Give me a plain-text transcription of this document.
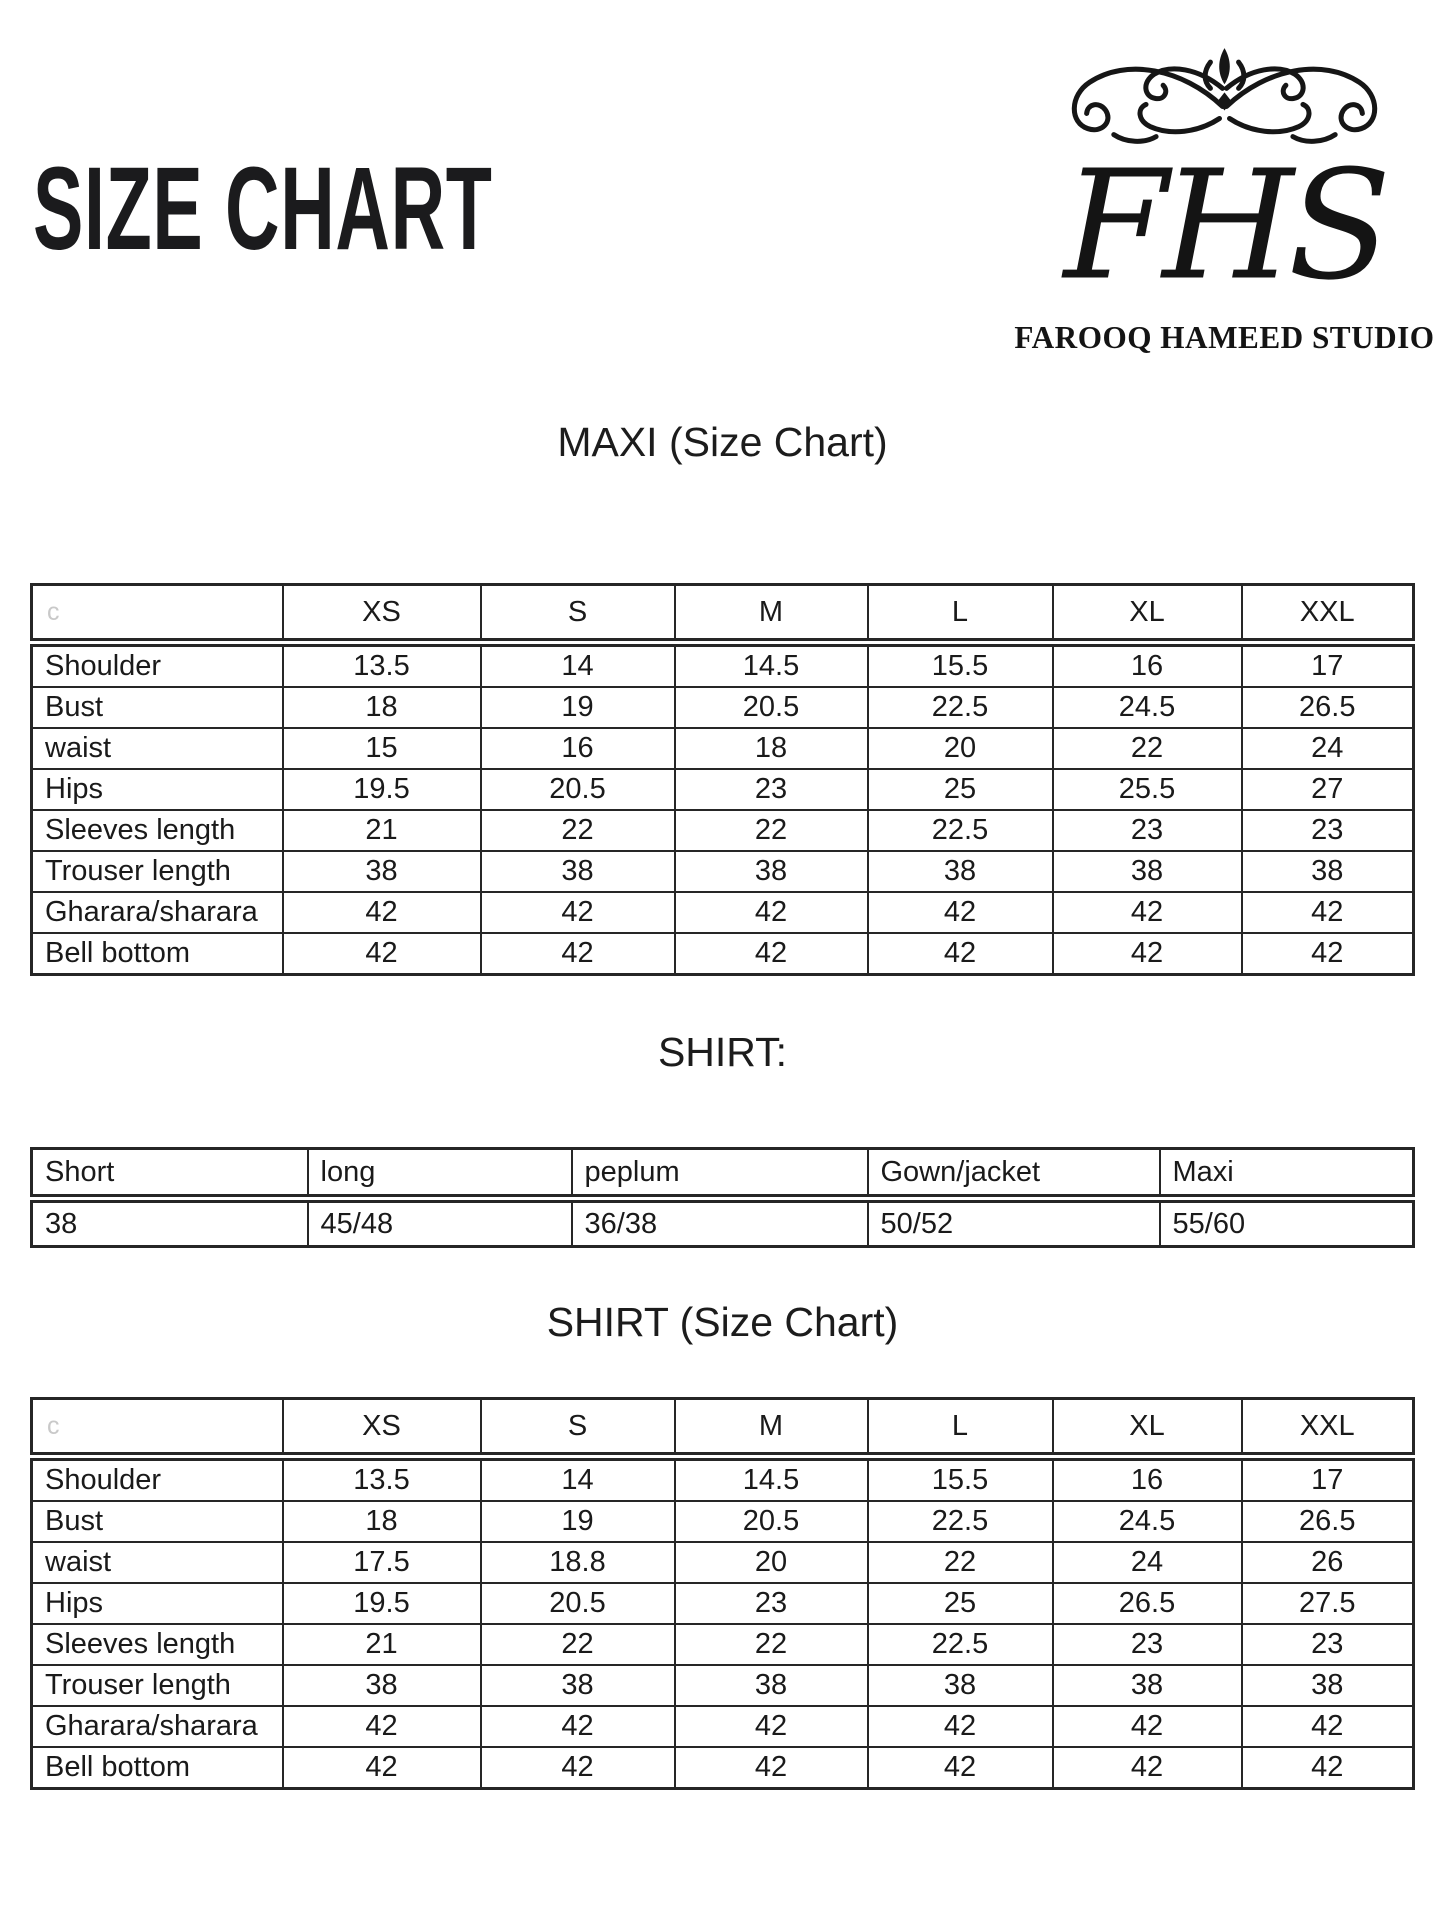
SIZE CHART	FHS
FAROOQ HAMEED STUDIO
MAXI (Size Chart)
c	XS	S	M	L	XL	XXL
Shoulder	13.5	14	14.5	15.5	16	17
Bust	18	19	20.5	22.5	24.5	26.5
waist	15	16	18	20	22	24
Hips	19.5	20.5	23	25	25.5	27
Sleeves length	21	22	22	22.5	23	23
Trouser length	38	38	38	38	38	38
Gharara/sharara	42	42	42	42	42	42
Bell bottom	42	42	42	42	42	42
SHIRT:
Short	long	peplum	Gown/jacket	Maxi
38	45/48	36/38	50/52	55/60
SHIRT (Size Chart)
c	XS	S	M	L	XL	XXL
Shoulder	13.5	14	14.5	15.5	16	17
Bust	18	19	20.5	22.5	24.5	26.5
waist	17.5	18.8	20	22	24	26
Hips	19.5	20.5	23	25	26.5	27.5
Sleeves length	21	22	22	22.5	23	23
Trouser length	38	38	38	38	38	38
Gharara/sharara	42	42	42	42	42	42
Bell bottom	42	42	42	42	42	42
